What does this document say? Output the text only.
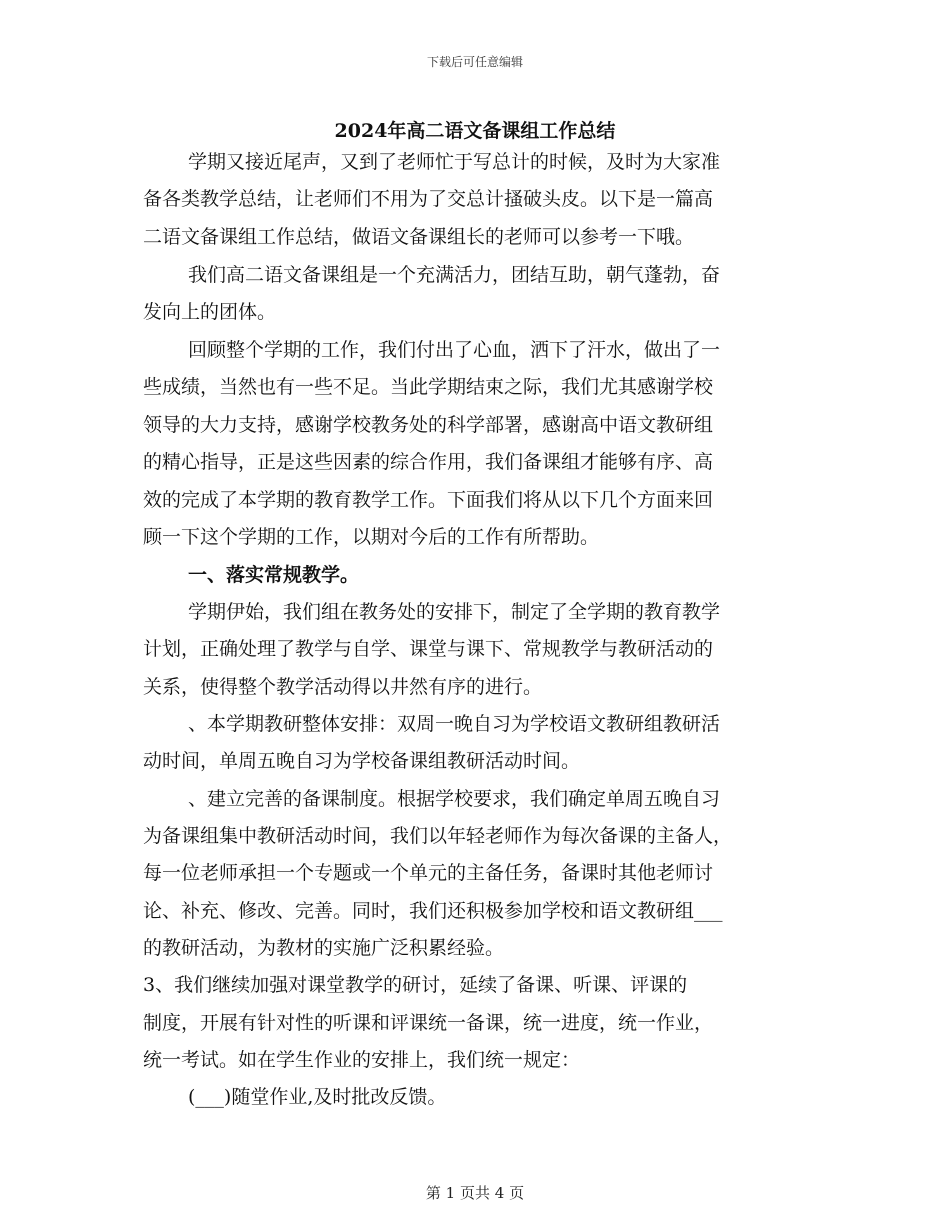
下载后可任意编辑
2024年高二语文备课组工作总结
学期又接近尾声，又到了老师忙于写总计的时候，及时为大家准
备各类教学总结，让老师们不用为了交总计搔破头皮。以下是一篇高
二语文备课组工作总结，做语文备课组长的老师可以参考一下哦。
我们高二语文备课组是一个充满活力，团结互助，朝气蓬勃，奋
发向上的团体。
回顾整个学期的工作，我们付出了心血，洒下了汗水，做出了一
些成绩，当然也有一些不足。当此学期结束之际，我们尤其感谢学校
领导的大力支持，感谢学校教务处的科学部署，感谢高中语文教研组
的精心指导，正是这些因素的综合作用，我们备课组才能够有序、高
效的完成了本学期的教育教学工作。下面我们将从以下几个方面来回
顾一下这个学期的工作，以期对今后的工作有所帮助。
一、落实常规教学。
学期伊始，我们组在教务处的安排下，制定了全学期的教育教学
计划，正确处理了教学与自学、课堂与课下、常规教学与教研活动的
关系，使得整个教学活动得以井然有序的进行。
、本学期教研整体安排：双周一晚自习为学校语文教研组教研活
动时间，单周五晚自习为学校备课组教研活动时间。
、建立完善的备课制度。根据学校要求，我们确定单周五晚自习
为备课组集中教研活动时间，我们以年轻老师作为每次备课的主备人，
每一位老师承担一个专题或一个单元的主备任务，备课时其他老师讨
论、补充、修改、完善。同时，我们还积极参加学校和语文教研组___
的教研活动，为教材的实施广泛积累经验。
3、我们继续加强对课堂教学的研讨，延续了备课、听课、评课的
制度，开展有针对性的听课和评课统一备课，统一进度，统一作业，
统一考试。如在学生作业的安排上，我们统一规定：
(___)随堂作业,及时批改反馈。
第 1 页共 4 页
